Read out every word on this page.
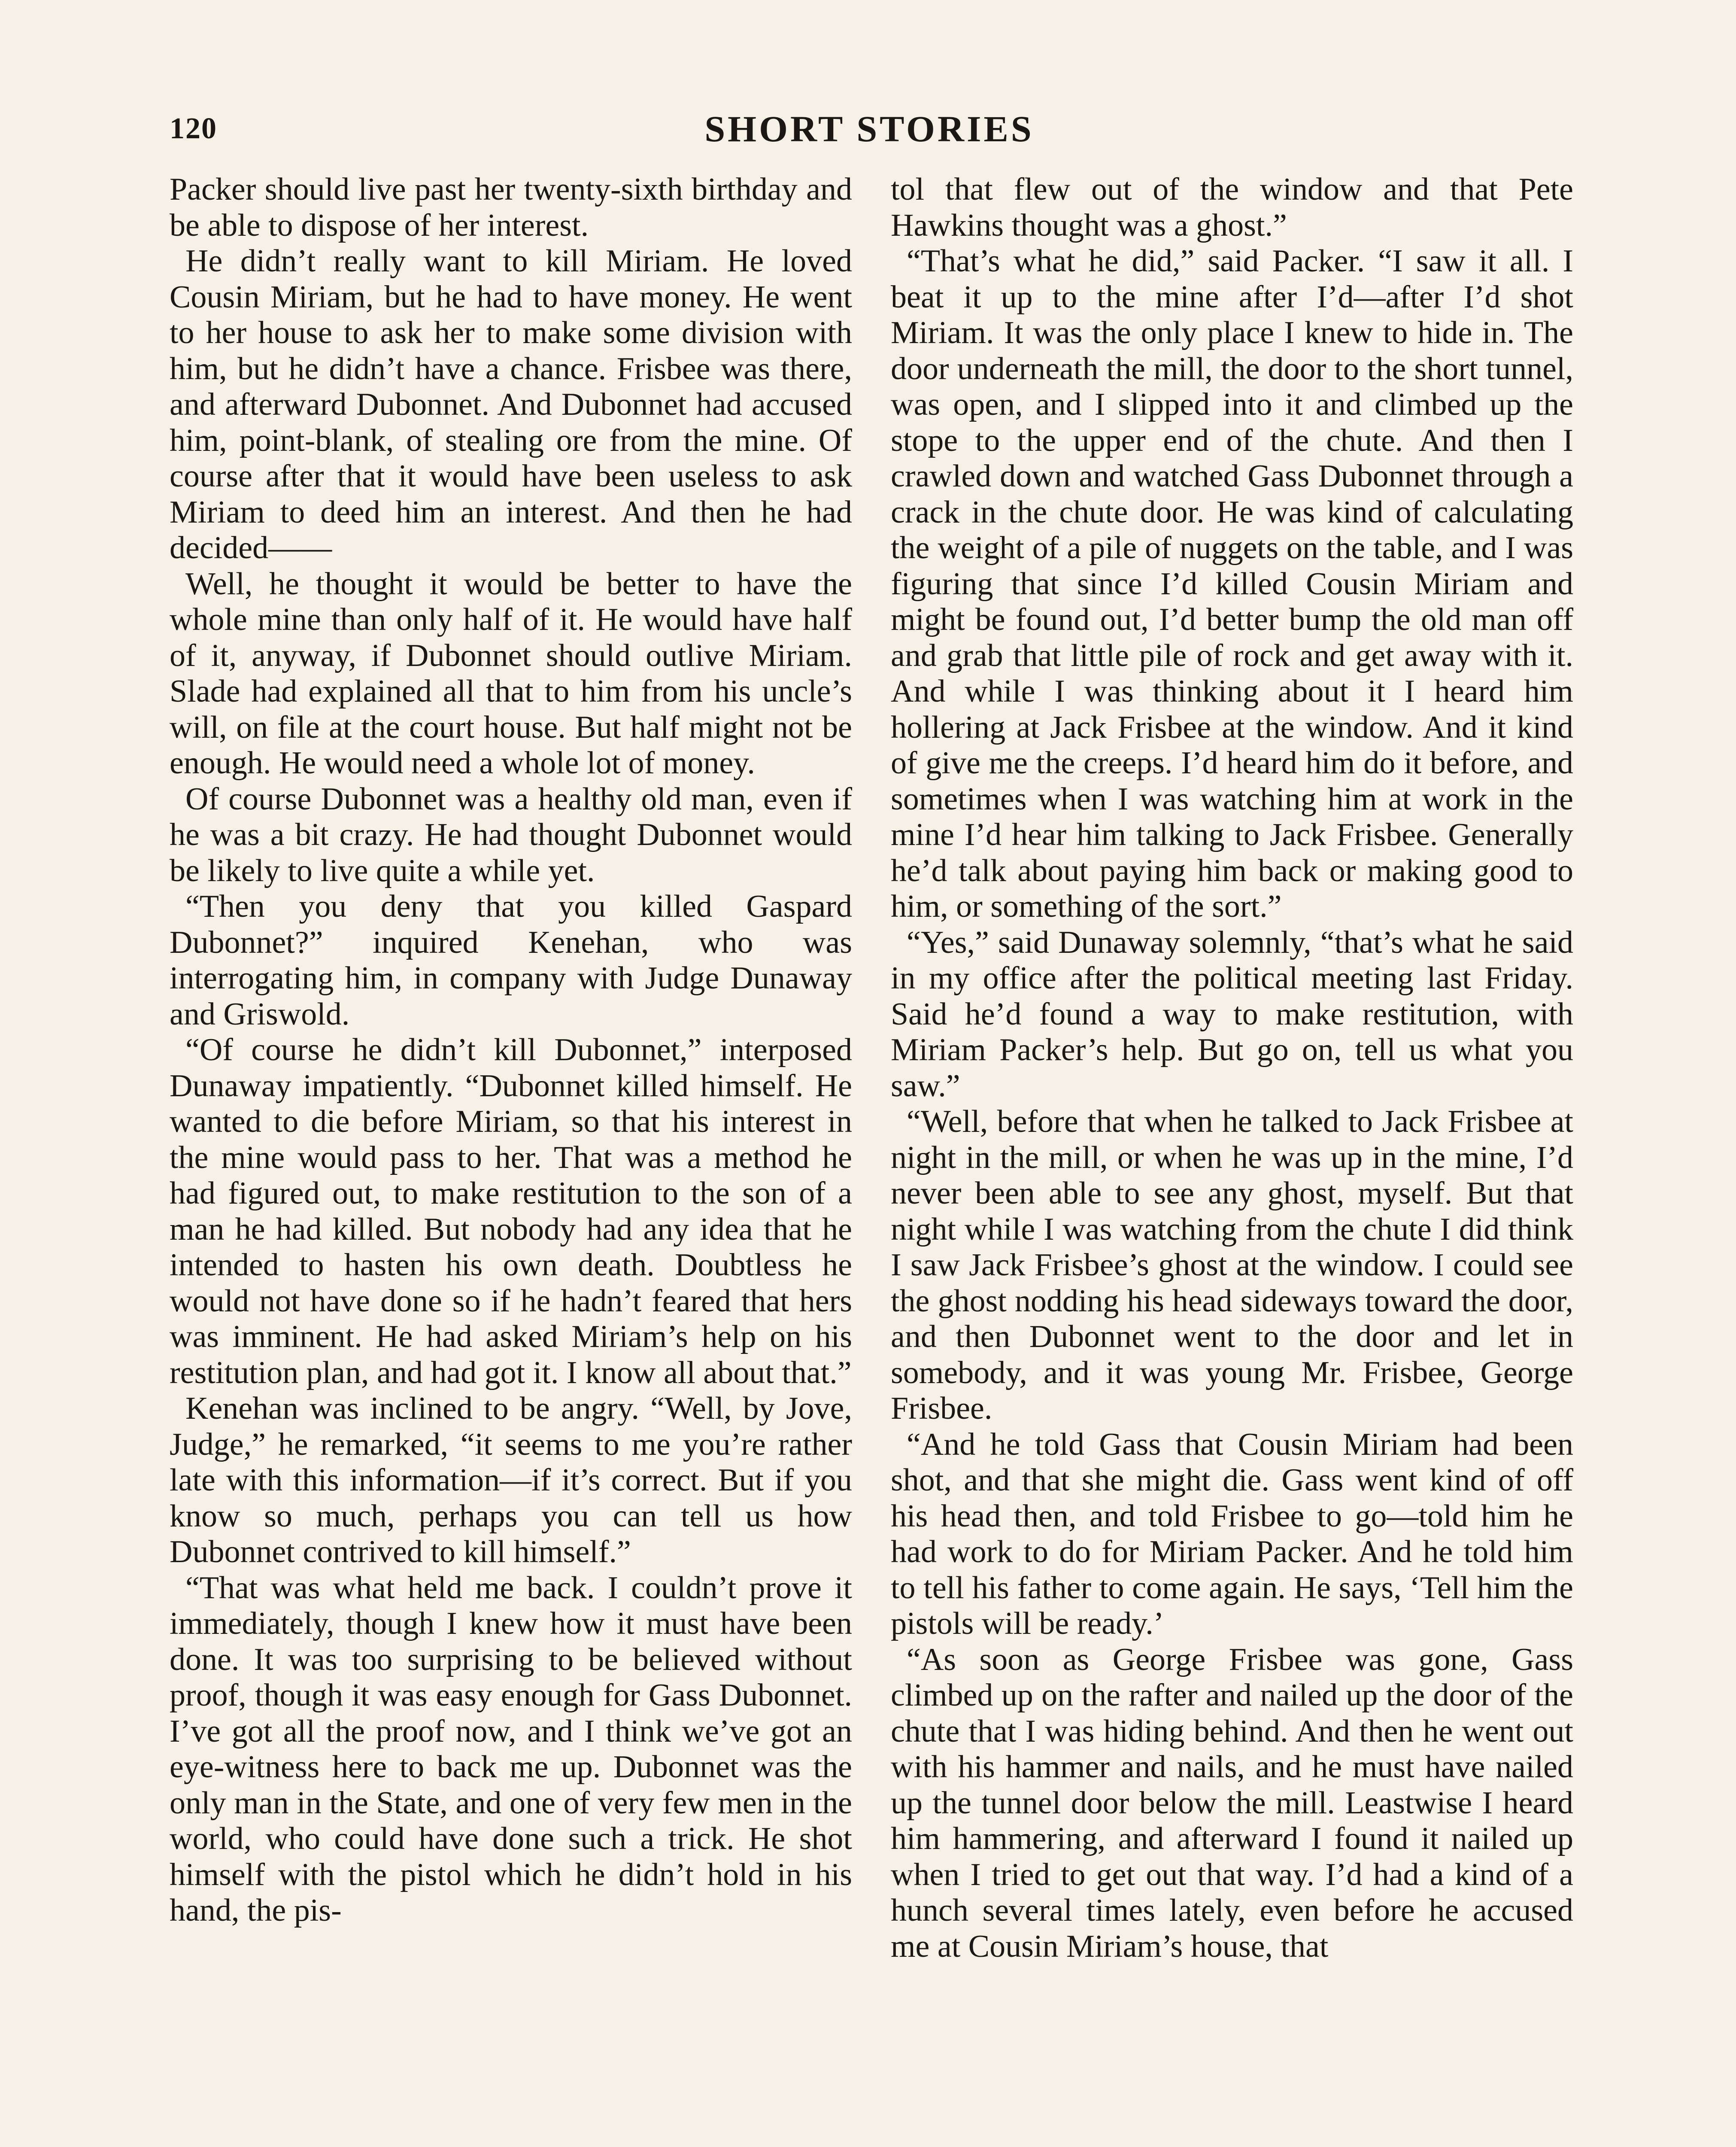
120	SHORT STORIES

Packer should live past her twenty-sixth birthday and be able to dispose of her interest.

He didn’t really want to kill Miriam. He loved Cousin Miriam, but he had to have money. He went to her house to ask her to make some division with him, but he didn’t have a chance. Frisbee was there, and afterward Dubonnet. And Dubonnet had accused him, point-blank, of stealing ore from the mine. Of course after that it would have been useless to ask Miriam to deed him an interest. And then he had decided——

Well, he thought it would be better to have the whole mine than only half of it. He would have half of it, anyway, if Dubonnet should outlive Miriam. Slade had explained all that to him from his uncle’s will, on file at the court house. But half might not be enough. He would need a whole lot of money.

Of course Dubonnet was a healthy old man, even if he was a bit crazy. He had thought Dubonnet would be likely to live quite a while yet.

“Then you deny that you killed Gaspard Dubonnet?” inquired Kenehan, who was interrogating him, in company with Judge Dunaway and Griswold.

“Of course he didn’t kill Dubonnet,” interposed Dunaway impatiently. “Dubonnet killed himself. He wanted to die before Miriam, so that his interest in the mine would pass to her. That was a method he had figured out, to make restitution to the son of a man he had killed. But nobody had any idea that he intended to hasten his own death. Doubtless he would not have done so if he hadn’t feared that hers was imminent. He had asked Miriam’s help on his restitution plan, and had got it. I know all about that.”

Kenehan was inclined to be angry. “Well, by Jove, Judge,” he remarked, “it seems to me you’re rather late with this information—if it’s correct. But if you know so much, perhaps you can tell us how Dubonnet contrived to kill himself.”

“That was what held me back. I couldn’t prove it immediately, though I knew how it must have been done. It was too surprising to be believed without proof, though it was easy enough for Gass Dubonnet. I’ve got all the proof now, and I think we’ve got an eye-witness here to back me up. Dubonnet was the only man in the State, and one of very few men in the world, who could have done such a trick. He shot himself with the pistol which he didn’t hold in his hand, the pis-

tol that flew out of the window and that Pete Hawkins thought was a ghost.”

“That’s what he did,” said Packer. “I saw it all. I beat it up to the mine after I’d—after I’d shot Miriam. It was the only place I knew to hide in. The door underneath the mill, the door to the short tunnel, was open, and I slipped into it and climbed up the stope to the upper end of the chute. And then I crawled down and watched Gass Dubonnet through a crack in the chute door. He was kind of calculating the weight of a pile of nuggets on the table, and I was figuring that since I’d killed Cousin Miriam and might be found out, I’d better bump the old man off and grab that little pile of rock and get away with it. And while I was thinking about it I heard him hollering at Jack Frisbee at the window. And it kind of give me the creeps. I’d heard him do it before, and sometimes when I was watching him at work in the mine I’d hear him talking to Jack Frisbee. Generally he’d talk about paying him back or making good to him, or something of the sort.”

“Yes,” said Dunaway solemnly, “that’s what he said in my office after the political meeting last Friday. Said he’d found a way to make restitution, with Miriam Packer’s help. But go on, tell us what you saw.”

“Well, before that when he talked to Jack Frisbee at night in the mill, or when he was up in the mine, I’d never been able to see any ghost, myself. But that night while I was watching from the chute I did think I saw Jack Frisbee’s ghost at the window. I could see the ghost nodding his head sideways toward the door, and then Dubonnet went to the door and let in somebody, and it was young Mr. Frisbee, George Frisbee.

“And he told Gass that Cousin Miriam had been shot, and that she might die. Gass went kind of off his head then, and told Frisbee to go—told him he had work to do for Miriam Packer. And he told him to tell his father to come again. He says, ‘Tell him the pistols will be ready.’

“As soon as George Frisbee was gone, Gass climbed up on the rafter and nailed up the door of the chute that I was hiding behind. And then he went out with his hammer and nails, and he must have nailed up the tunnel door below the mill. Leastwise I heard him hammering, and afterward I found it nailed up when I tried to get out that way. I’d had a kind of a hunch several times lately, even before he accused me at Cousin Miriam’s house, that
